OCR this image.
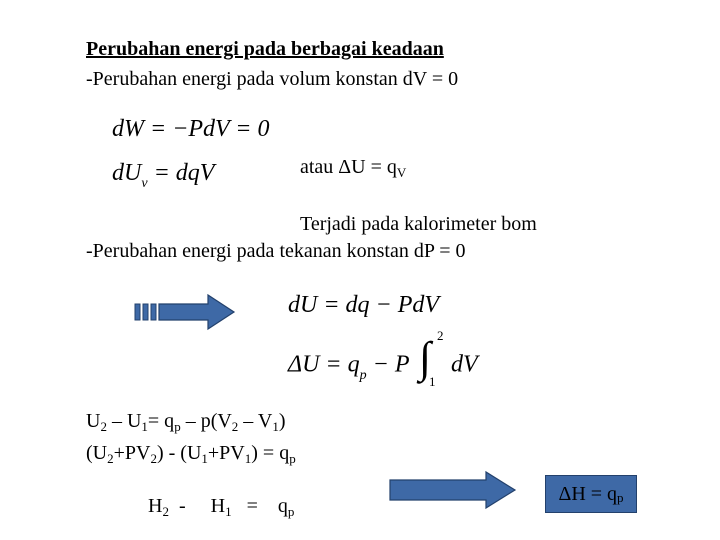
Perubahan energi pada berbagai keadaan
-Perubahan energi pada volum konstan dV = 0
dW = −PdV = 0
$dU_v$ = dqV	atau $\Delta U = q_V$
Terjadi pada kalorimeter bom
-Perubahan energi pada tekanan konstan dP = 0
dU = dq − PdV
$\Delta U = q_p - P$ ∫ 2
1
dV
$U_2 - U_1= q_p - p(V_2 - V_1)$
$(U_2+PV_2) - (U_1+PV_1) = q_p$

$H_2$  -     $H_1$   =    $q_p$

ΔH = q p
